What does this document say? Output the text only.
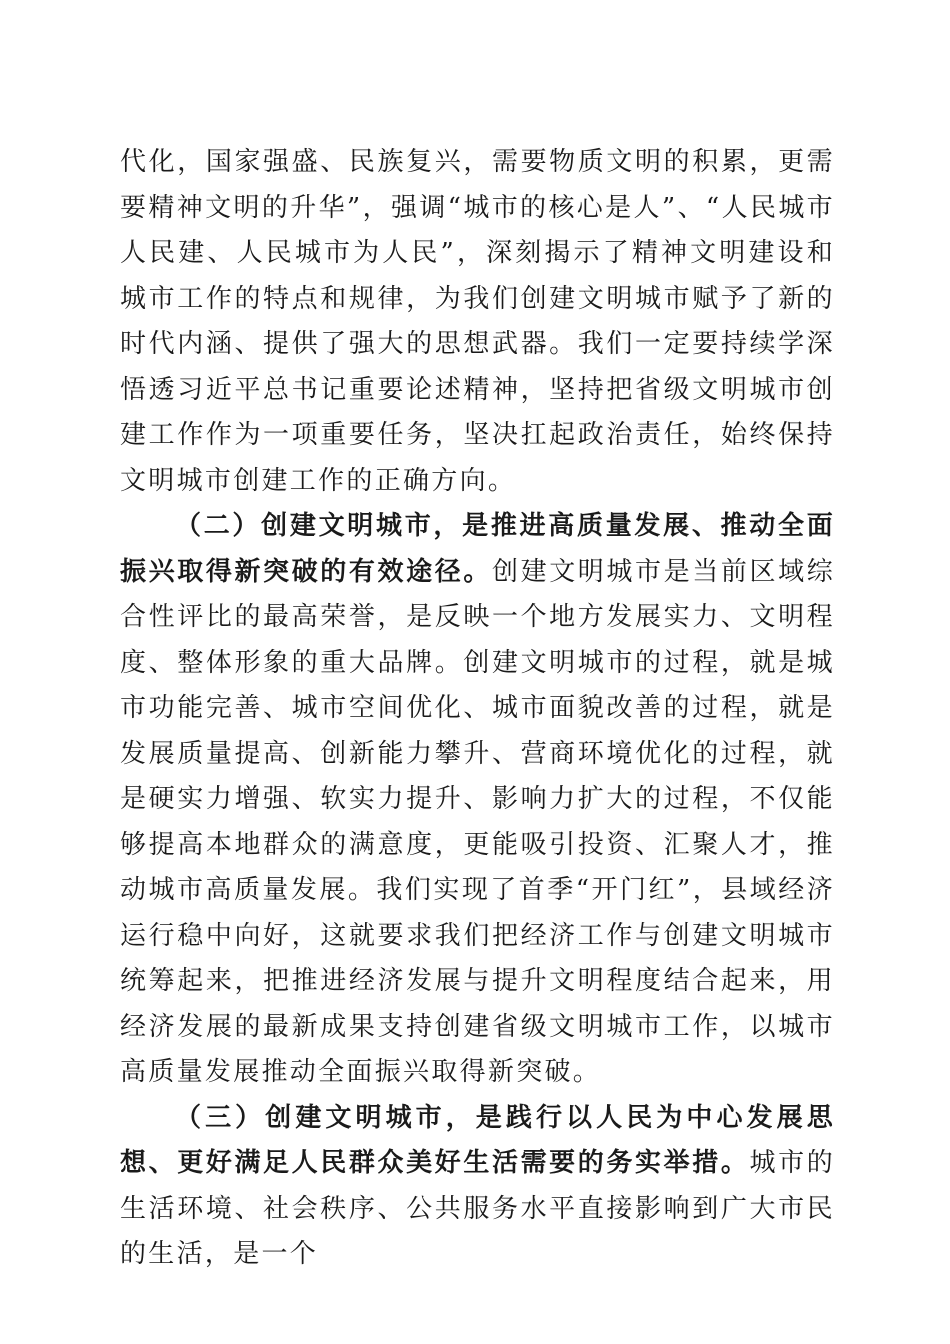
代化，国家强盛、民族复兴，需要物质文明的积累，更需要精神文明的升华”，强调“城市的核心是人”、“人民城市人民建、人民城市为人民”，深刻揭示了精神文明建设和城市工作的特点和规律，为我们创建文明城市赋予了新的时代内涵、提供了强大的思想武器。我们一定要持续学深悟透习近平总书记重要论述精神，坚持把省级文明城市创建工作作为一项重要任务，坚决扛起政治责任，始终保持文明城市创建工作的正确方向。

（二）创建文明城市，是推进高质量发展、推动全面振兴取得新突破的有效途径。创建文明城市是当前区域综合性评比的最高荣誉，是反映一个地方发展实力、文明程度、整体形象的重大品牌。创建文明城市的过程，就是城市功能完善、城市空间优化、城市面貌改善的过程，就是发展质量提高、创新能力攀升、营商环境优化的过程，就是硬实力增强、软实力提升、影响力扩大的过程，不仅能够提高本地群众的满意度，更能吸引投资、汇聚人才，推动城市高质量发展。我们实现了首季“开门红”，县域经济运行稳中向好，这就要求我们把经济工作与创建文明城市统筹起来，把推进经济发展与提升文明程度结合起来，用经济发展的最新成果支持创建省级文明城市工作，以城市高质量发展推动全面振兴取得新突破。

（三）创建文明城市，是践行以人民为中心发展思想、更好满足人民群众美好生活需要的务实举措。城市的生活环境、社会秩序、公共服务水平直接影响到广大市民的生活，是一个
